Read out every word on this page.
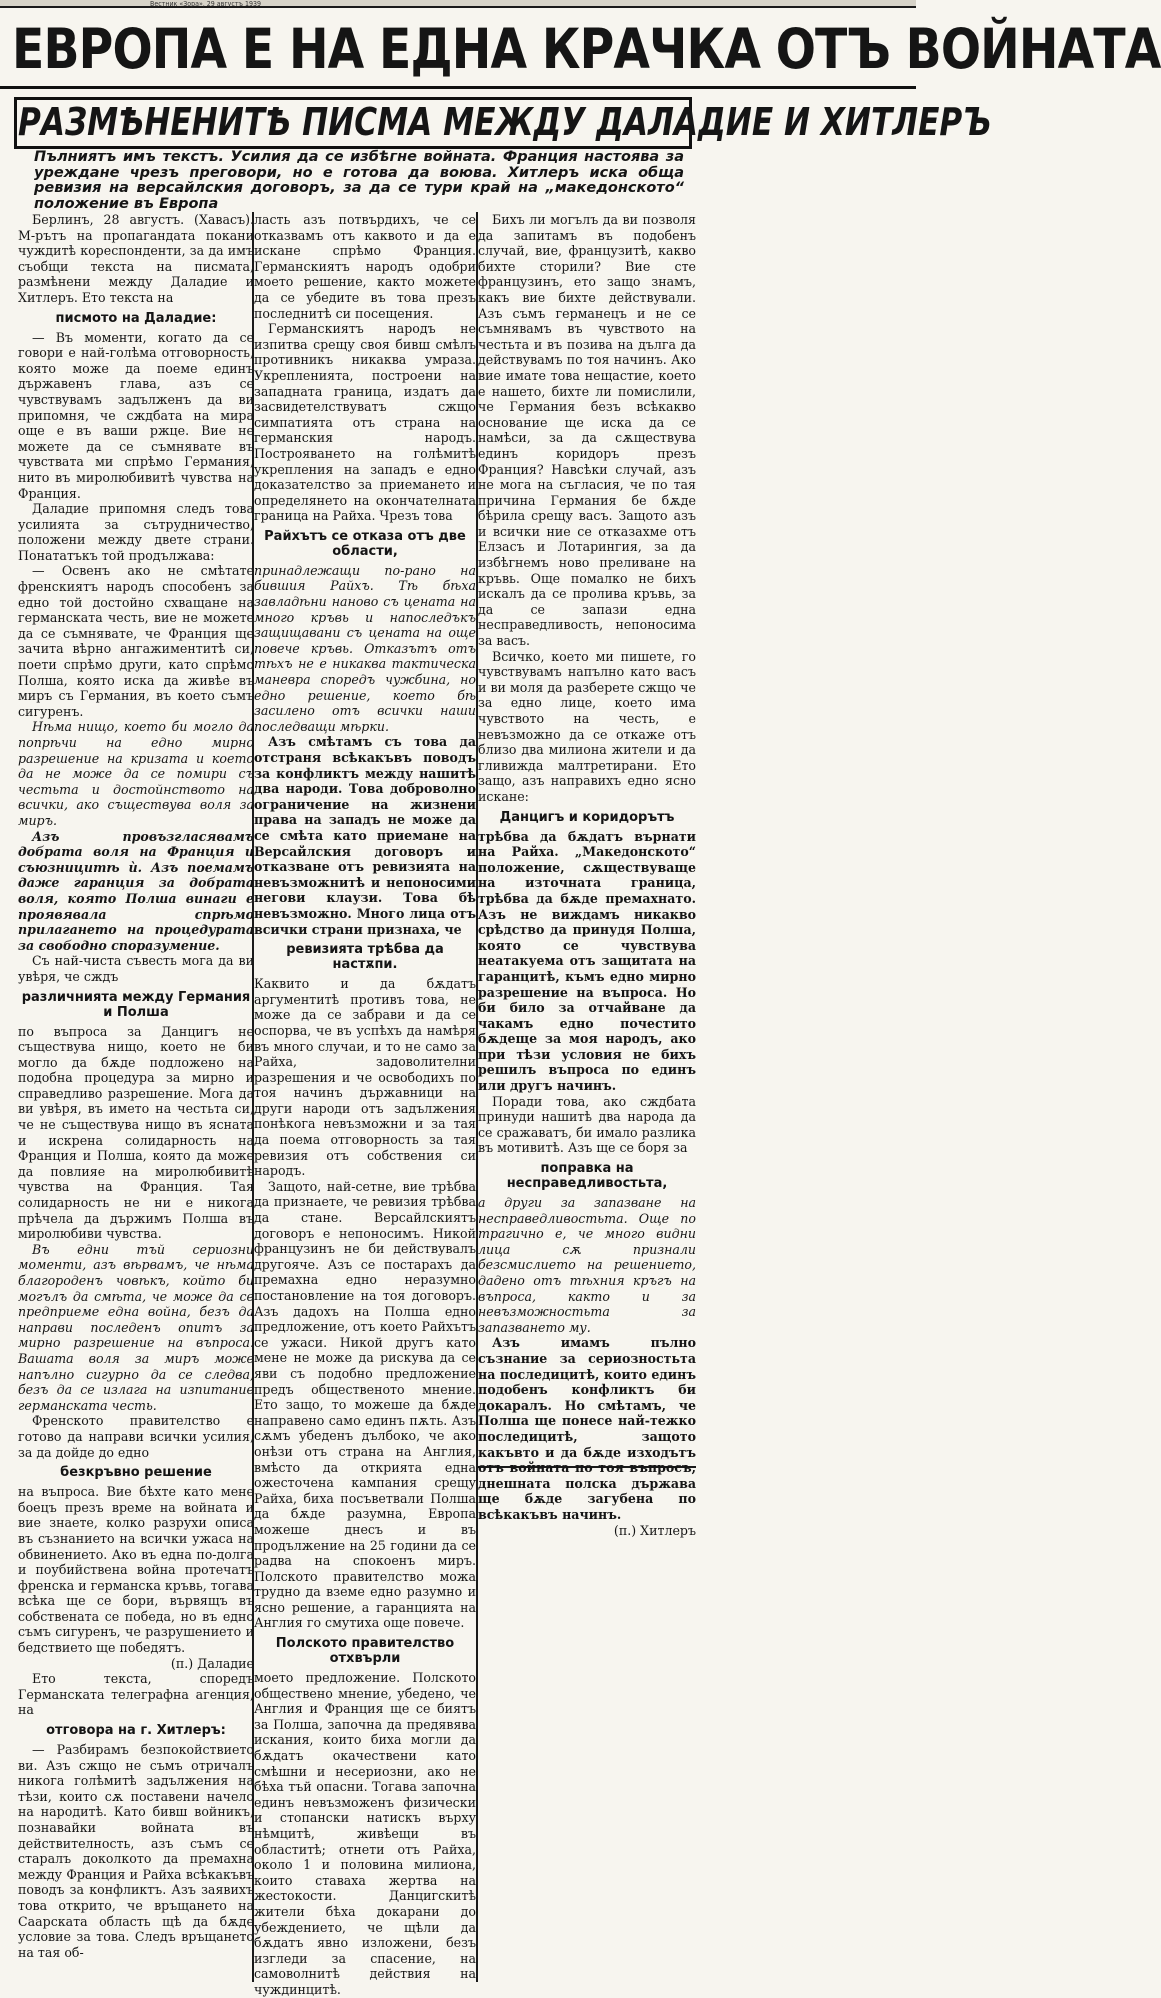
Вестник «Зора», 29 августъ 1939
ЕВРОПА Е НА ЕДНА КРАЧКА ОТЪ ВОЙНАТА
РАЗМѢНЕНИТѢ ПИСМА МЕЖДУ ДАЛАДИЕ И ХИТЛЕРЪ
Пълниятъ имъ текстъ. Усилия да се избѣгне войната. Франция настоява за уреждане чрезъ преговори, но е готова да воюва. Хитлеръ иска обща ревизия на версайлския договоръ, за да се тури край на „македонското“ положение въ Европа

Берлинъ, 28 августъ. (Хавасъ). М-рътъ на пропагандата покани чуждитѣ кореспонденти, за да имъ съобщи текста на писмата, размѣнени между Даладие и Хитлеръ. Ето текста на

писмото на Даладие:

— Въ моменти, когато да се говори е най-голѣма отговорность, която може да поеме единъ държавенъ глава, азъ се чувствувамъ задълженъ да ви припомня, че сждбата на мира още е въ ваши ржце. Вие не можете да се съмнявате въ чувствата ми спрѣмо Германия, нито въ миролюбивитѣ чувства на Франция.

Даладие припомня следъ това усилията за сътрудничество, положени между двете страни. Понататъкъ той продължава:

— Освенъ ако не смѣтате френскиятъ народъ способенъ за едно той достойно схващане на германската честь, вие не можете да се съмнявате, че Франция ще зачита вѣрно ангажиментитѣ си, поети спрѣмо други, като спрѣмо Полша, която иска да живѣе въ миръ съ Германия, въ което съмъ сигуренъ.

Нѣма нищо, което би могло да попрѣчи на едно мирно разрешение на кризата и което да не може да се помири съ честьта и достойнството на всички, ако съществува воля за миръ.

Азъ провъзгласявамъ добрата воля на Франция и съюзницитѣ ѝ. Азъ поемамъ даже гаранция за добрата воля, която Полша винаги е проявявала спрѣмо прилагането на процедурата за свободно споразумение.

Съ най-чиста съвесть мога да ви увѣря, че сждъ

различнията между Германия и Полша

по въпроса за Данцигъ не съществува нищо, което не би могло да бѫде подложено на подобна процедура за мирно и справедливо разрешение. Мога да ви увѣря, въ името на честьта си, че не съществува нищо въ ясната и искрена солидарность на Франция и Полша, която да може да повлияе на миролюбивитѣ чувства на Франция. Тая солидарность не ни е никога прѣчела да държимъ Полша въ миролюбиви чувства.

Въ едни тъй сериозни моменти, азъ вѣрвамъ, че нѣма благороденъ човѣкъ, който би могълъ да смѣта, че може да се предприеме една война, безъ да направи последенъ опитъ за мирно разрешение на въпроса. Вашата воля за миръ може напълно сигурно да се следва, безъ да се излага на изпитание германската честь.

Френското правителство е готово да направи всички усилия, за да дойде до едно

безкръвно решение

на въпроса. Вие бѣхте като мене боецъ презъ време на войната и вие знаете, колко разрухи описа въ съзнанието на всички ужаса на обвинението. Ако въ една по-долга и поубийствена война протечатъ френска и германска кръвь, тогава всѣка ще се бори, вървящъ въ собствената се победа, но въ едно съмъ сигуренъ, че разрушението и бедствието ще победятъ.

(п.) Даладие

Ето текста, споредъ Германската телеграфна агенция, на

отговора на г. Хитлеръ:

— Разбирамъ безпокойствието ви. Азъ сжщо не съмъ отричалъ никога голѣмитѣ задължения на тѣзи, които сѫ поставени начело на народитѣ. Като бивш войникъ, познавайки войната въ действителность, азъ съмъ се старалъ доколкото да премахна между Франция и Райха всѣкакъвъ поводъ за конфликтъ. Азъ заявихъ това открито, че връщането на Саарската область щѣ да бѫде условие за това. Следъ връщането на тая об-

ласть азъ потвърдихъ, че се отказвамъ отъ каквото и да е искане спрѣмо Франция. Германскиятъ народъ одобри моето решение, както можете да се убедите въ това презъ последнитѣ си посещения.

Германскиятъ народъ не изпитва срещу своя бивш смѣлъ противникъ никаква умраза. Укрепленията, построени на западната граница, издатъ да засвидетелствуватъ сжщо симпатията отъ страна на германския народъ. Построяването на голѣмитѣ укрепления на западъ е едно доказателство за приемането и определянето на окончателната граница на Райха. Чрезъ това

Райхътъ се отказа отъ две области,

принадлежащи по-рано на бившия Райхъ. Тѣ бѣха завладѣни наново съ цената на много кръвь и напоследъкъ защищавани съ цената на още повече кръвь. Отказътъ отъ тѣхъ не е никаква тактическа маневра споредъ чужбина, но едно решение, което бѣ засилено отъ всички наши последващи мѣрки.

Азъ смѣтамъ съ това да отстраня всѣкакъвъ поводъ за конфликтъ между нашитѣ два народи. Това доброволно ограничение на жизнени права на западъ не може да се смѣта като приемане на Версайлския договоръ и отказване отъ ревизията на невъзможнитѣ и непоносими негови клаузи. Това бѣ невъзможно. Много лица отъ всички страни признаха, че

ревизията трѣбва да настѫпи.

Каквито и да бѫдатъ аргументитѣ противъ това, не може да се забрави и да се оспорва, че въ успѣхъ да намѣря въ много случаи, и то не само за Райха, задоволителни разрешения и че освободихъ по тоя начинъ държавници на други народи отъ задължения понѣкога невъзможни и за тая да поема отговорность за тая ревизия отъ собствения си народъ.

Защото, най-сетне, вие трѣбва да признаете, че ревизия трѣбва да стане. Версайлскиятъ договоръ е непоносимъ. Никой французинъ не би действувалъ другояче. Азъ се постарахъ да премахна едно неразумно постановление на тоя договоръ. Азъ дадохъ на Полша едно предложение, отъ което Райхътъ се ужаси. Никой другъ като мене не може да рискува да се яви съ подобно предложение предъ общественото мнение. Ето защо, то можеше да бѫде направено само единъ пѫть. Азъ сѫмъ убеденъ дълбоко, че ако онѣзи отъ страна на Англия, вмѣсто да открията една ожесточена кампания срещу Райха, биха посъветвали Полша да бѫде разумна, Европа можеше днесъ и въ продължение на 25 години да се радва на спокоенъ миръ. Полското правителство можа трудно да вземе едно разумно и ясно решение, а гаранцията на Англия го смутиха още повече.

Полското правителство отхвърли

моето предложение. Полското обществено мнение, убедено, че Англия и Франция ще се биятъ за Полша, започна да предявява искания, които биха могли да бѫдатъ окачествени като смѣшни и несериозни, ако не бѣха тъй опасни. Тогава започна единъ невъзможенъ физически и стопански натискъ върху нѣмцитѣ, живѣещи въ областитѣ; отнети отъ Райха, около 1 и половина милиона, които ставаха жертва на жестокости. Данцигскитѣ жители бѣха докарани до убеждението, че щѣли да бѫдатъ явно изложени, безъ изгледи за спасение, на самоволнитѣ действия на чуждинцитѣ.

Бихъ ли могълъ да ви позволя да запитамъ въ подобенъ случай, вие, французитѣ, какво бихте сторили? Вие сте французинъ, ето защо знамъ, какъ вие бихте действували. Азъ съмъ германецъ и не се съмнявамъ въ чувството на честьта и въ позива на дълга да действувамъ по тоя начинъ. Ако вие имате това нещастие, което е нашето, бихте ли помислили, че Германия безъ всѣкакво основание ще иска да се намѣси, за да сѫществува единъ коридоръ презъ Франция? Навсѣки случай, азъ не мога на съгласия, че по тая причина Германия бе бѫде бѣрила срещу васъ. Защото азъ и всички ние се отказахме отъ Елзасъ и Лотарингия, за да избѣгнемъ ново преливане на кръвь. Още помалко не бихъ искалъ да се пролива кръвь, за да се запази една несправедливость, непоносима за васъ.

Всичко, което ми пишете, го чувствувамъ напълно като васъ и ви моля да разберете сжщо че за едно лице, което има чувството на честь, е невъзможно да се откаже отъ близо два милиона жители и да гливижда малтретирани. Ето защо, азъ направихъ едно ясно искане:

Данцигъ и коридорътъ

трѣбва да бѫдатъ върнати на Райха. „Македонското“ положение, сѫществуваще на източната граница, трѣбва да бѫде премахнато. Азъ не виждамъ никакво срѣдство да принудя Полша, която се чувствува неатакуема отъ защитата на гаранцитѣ, къмъ едно мирно разрешение на въпроса. Но би било за отчайване да чакамъ едно почестито бѫдеще за моя народъ, ако при тѣзи условия не бихъ решилъ въпроса по единъ или другъ начинъ.

Поради това, ако сждбата принуди нашитѣ два народа да се сражаватъ, би имало разлика въ мотивитѣ. Азъ ще се боря за

поправка на несправедливостьта,

а други за запазване на несправедливостьта. Още по трагично е, че много видни лица сѫ признали безсмислието на решението, дадено отъ тѣхния кръгъ на въпроса, както и за невъзможностьта за запазването му.

Азъ имамъ пълно съзнание за сериозностьта на последицитѣ, които единъ подобенъ конфликтъ би докаралъ. Но смѣтамъ, че Полша ще понесе най-тежко последицитѣ, защото какъвто и да бѫде изходътъ отъ войната по тоя въпросъ, днешната полска държава ще бѫде загубена по всѣкакъвъ начинъ.

(п.) Хитлеръ
